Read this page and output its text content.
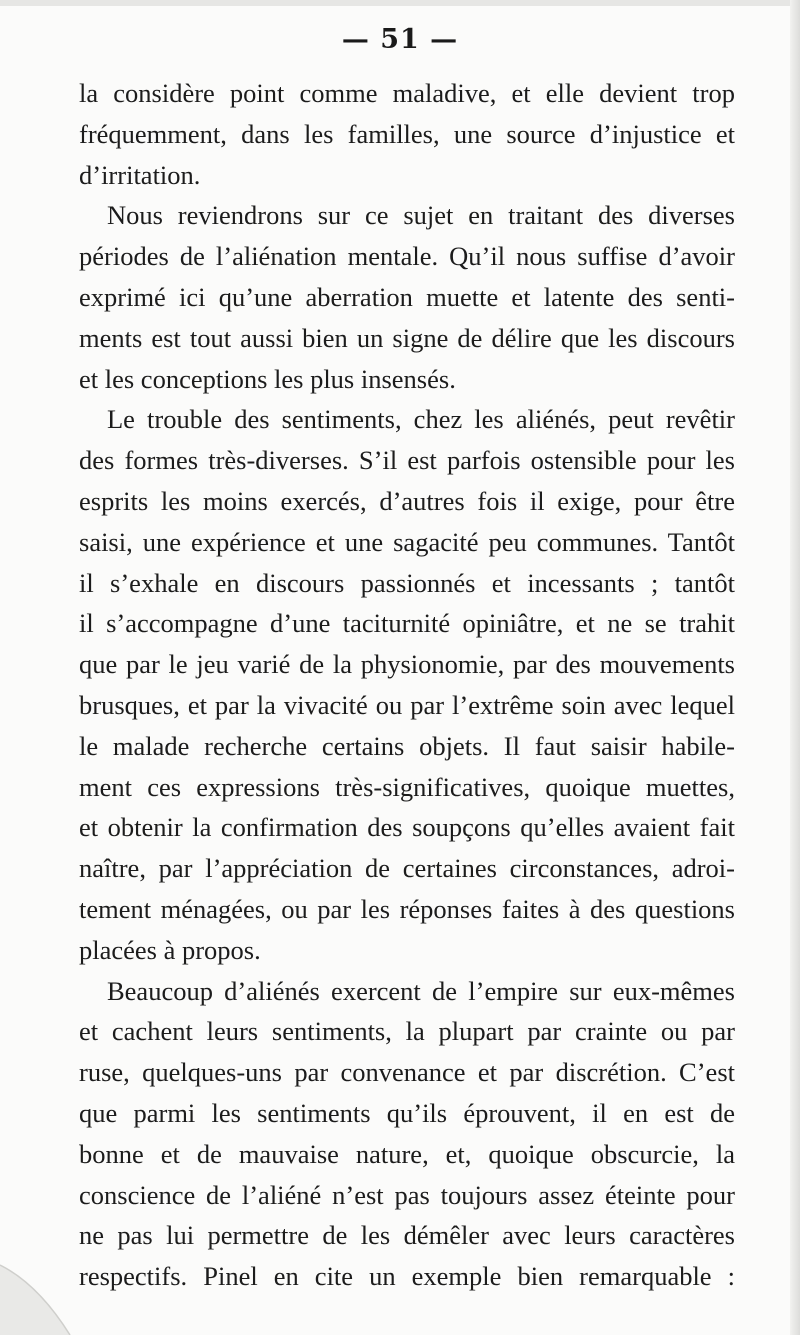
— 51 —
la considère point comme maladive, et elle devient trop
fréquemment, dans les familles, une source d’injustice et
d’irritation.
Nous reviendrons sur ce sujet en traitant des diverses
périodes de l’aliénation mentale. Qu’il nous suffise d’avoir
exprimé ici qu’une aberration muette et latente des senti-
ments est tout aussi bien un signe de délire que les discours
et les conceptions les plus insensés.
Le trouble des sentiments, chez les aliénés, peut revêtir
des formes très-diverses. S’il est parfois ostensible pour les
esprits les moins exercés, d’autres fois il exige, pour être
saisi, une expérience et une sagacité peu communes. Tantôt
il s’exhale en discours passionnés et incessants ; tantôt
il s’accompagne d’une taciturnité opiniâtre, et ne se trahit
que par le jeu varié de la physionomie, par des mouvements
brusques, et par la vivacité ou par l’extrême soin avec lequel
le malade recherche certains objets. Il faut saisir habile-
ment ces expressions très-significatives, quoique muettes,
et obtenir la confirmation des soupçons qu’elles avaient fait
naître, par l’appréciation de certaines circonstances, adroi-
tement ménagées, ou par les réponses faites à des questions
placées à propos.
Beaucoup d’aliénés exercent de l’empire sur eux-mêmes
et cachent leurs sentiments, la plupart par crainte ou par
ruse, quelques-uns par convenance et par discrétion. C’est
que parmi les sentiments qu’ils éprouvent, il en est de
bonne et de mauvaise nature, et, quoique obscurcie, la
conscience de l’aliéné n’est pas toujours assez éteinte pour
ne pas lui permettre de les démêler avec leurs caractères
respectifs. Pinel en cite un exemple bien remarquable :
